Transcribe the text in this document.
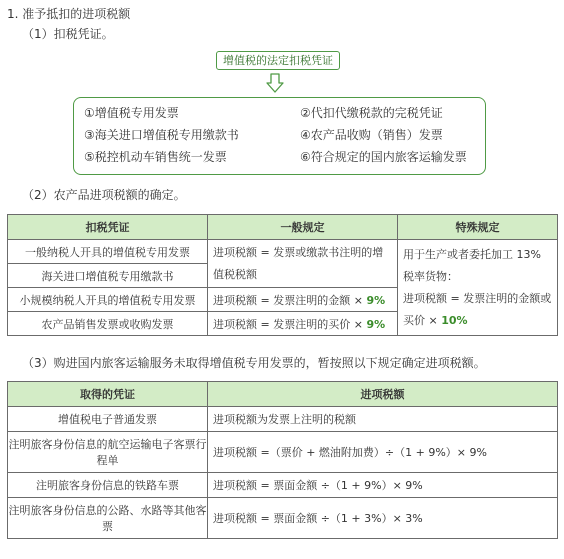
1. 准予抵扣的进项税额
（1）扣税凭证。
增值税的法定扣税凭证
①增值税专用发票	②代扣代缴税款的完税凭证
③海关进口增值税专用缴款书	④农产品收购（销售）发票
⑤税控机动车销售统一发票	⑥符合规定的国内旅客运输发票
（2）农产品进项税额的确定。
扣税凭证	一般规定	特殊规定
一般纳税人开具的增值税专用发票	进项税额 = 发票或缴款书注明的增值税税额	用于生产或者委托加工 13% 税率货物：
进项税额 = 发票注明的金额或买价 × 10%
海关进口增值税专用缴款书		
小规模纳税人开具的增值税专用发票	进项税额 = 发票注明的金额 × 9%	
农产品销售发票或收购发票	进项税额 = 发票注明的买价 × 9%	
（3）购进国内旅客运输服务未取得增值税专用发票的，暂按照以下规定确定进项税额。
取得的凭证	进项税额
增值税电子普通发票	进项税额为发票上注明的税额
注明旅客身份信息的航空运输电子客票行程单	进项税额 =（票价 + 燃油附加费）÷（1 + 9%）× 9%
注明旅客身份信息的铁路车票	进项税额 = 票面金额 ÷（1 + 9%）× 9%
注明旅客身份信息的公路、水路等其他客票	进项税额 = 票面金额 ÷（1 + 3%）× 3%
